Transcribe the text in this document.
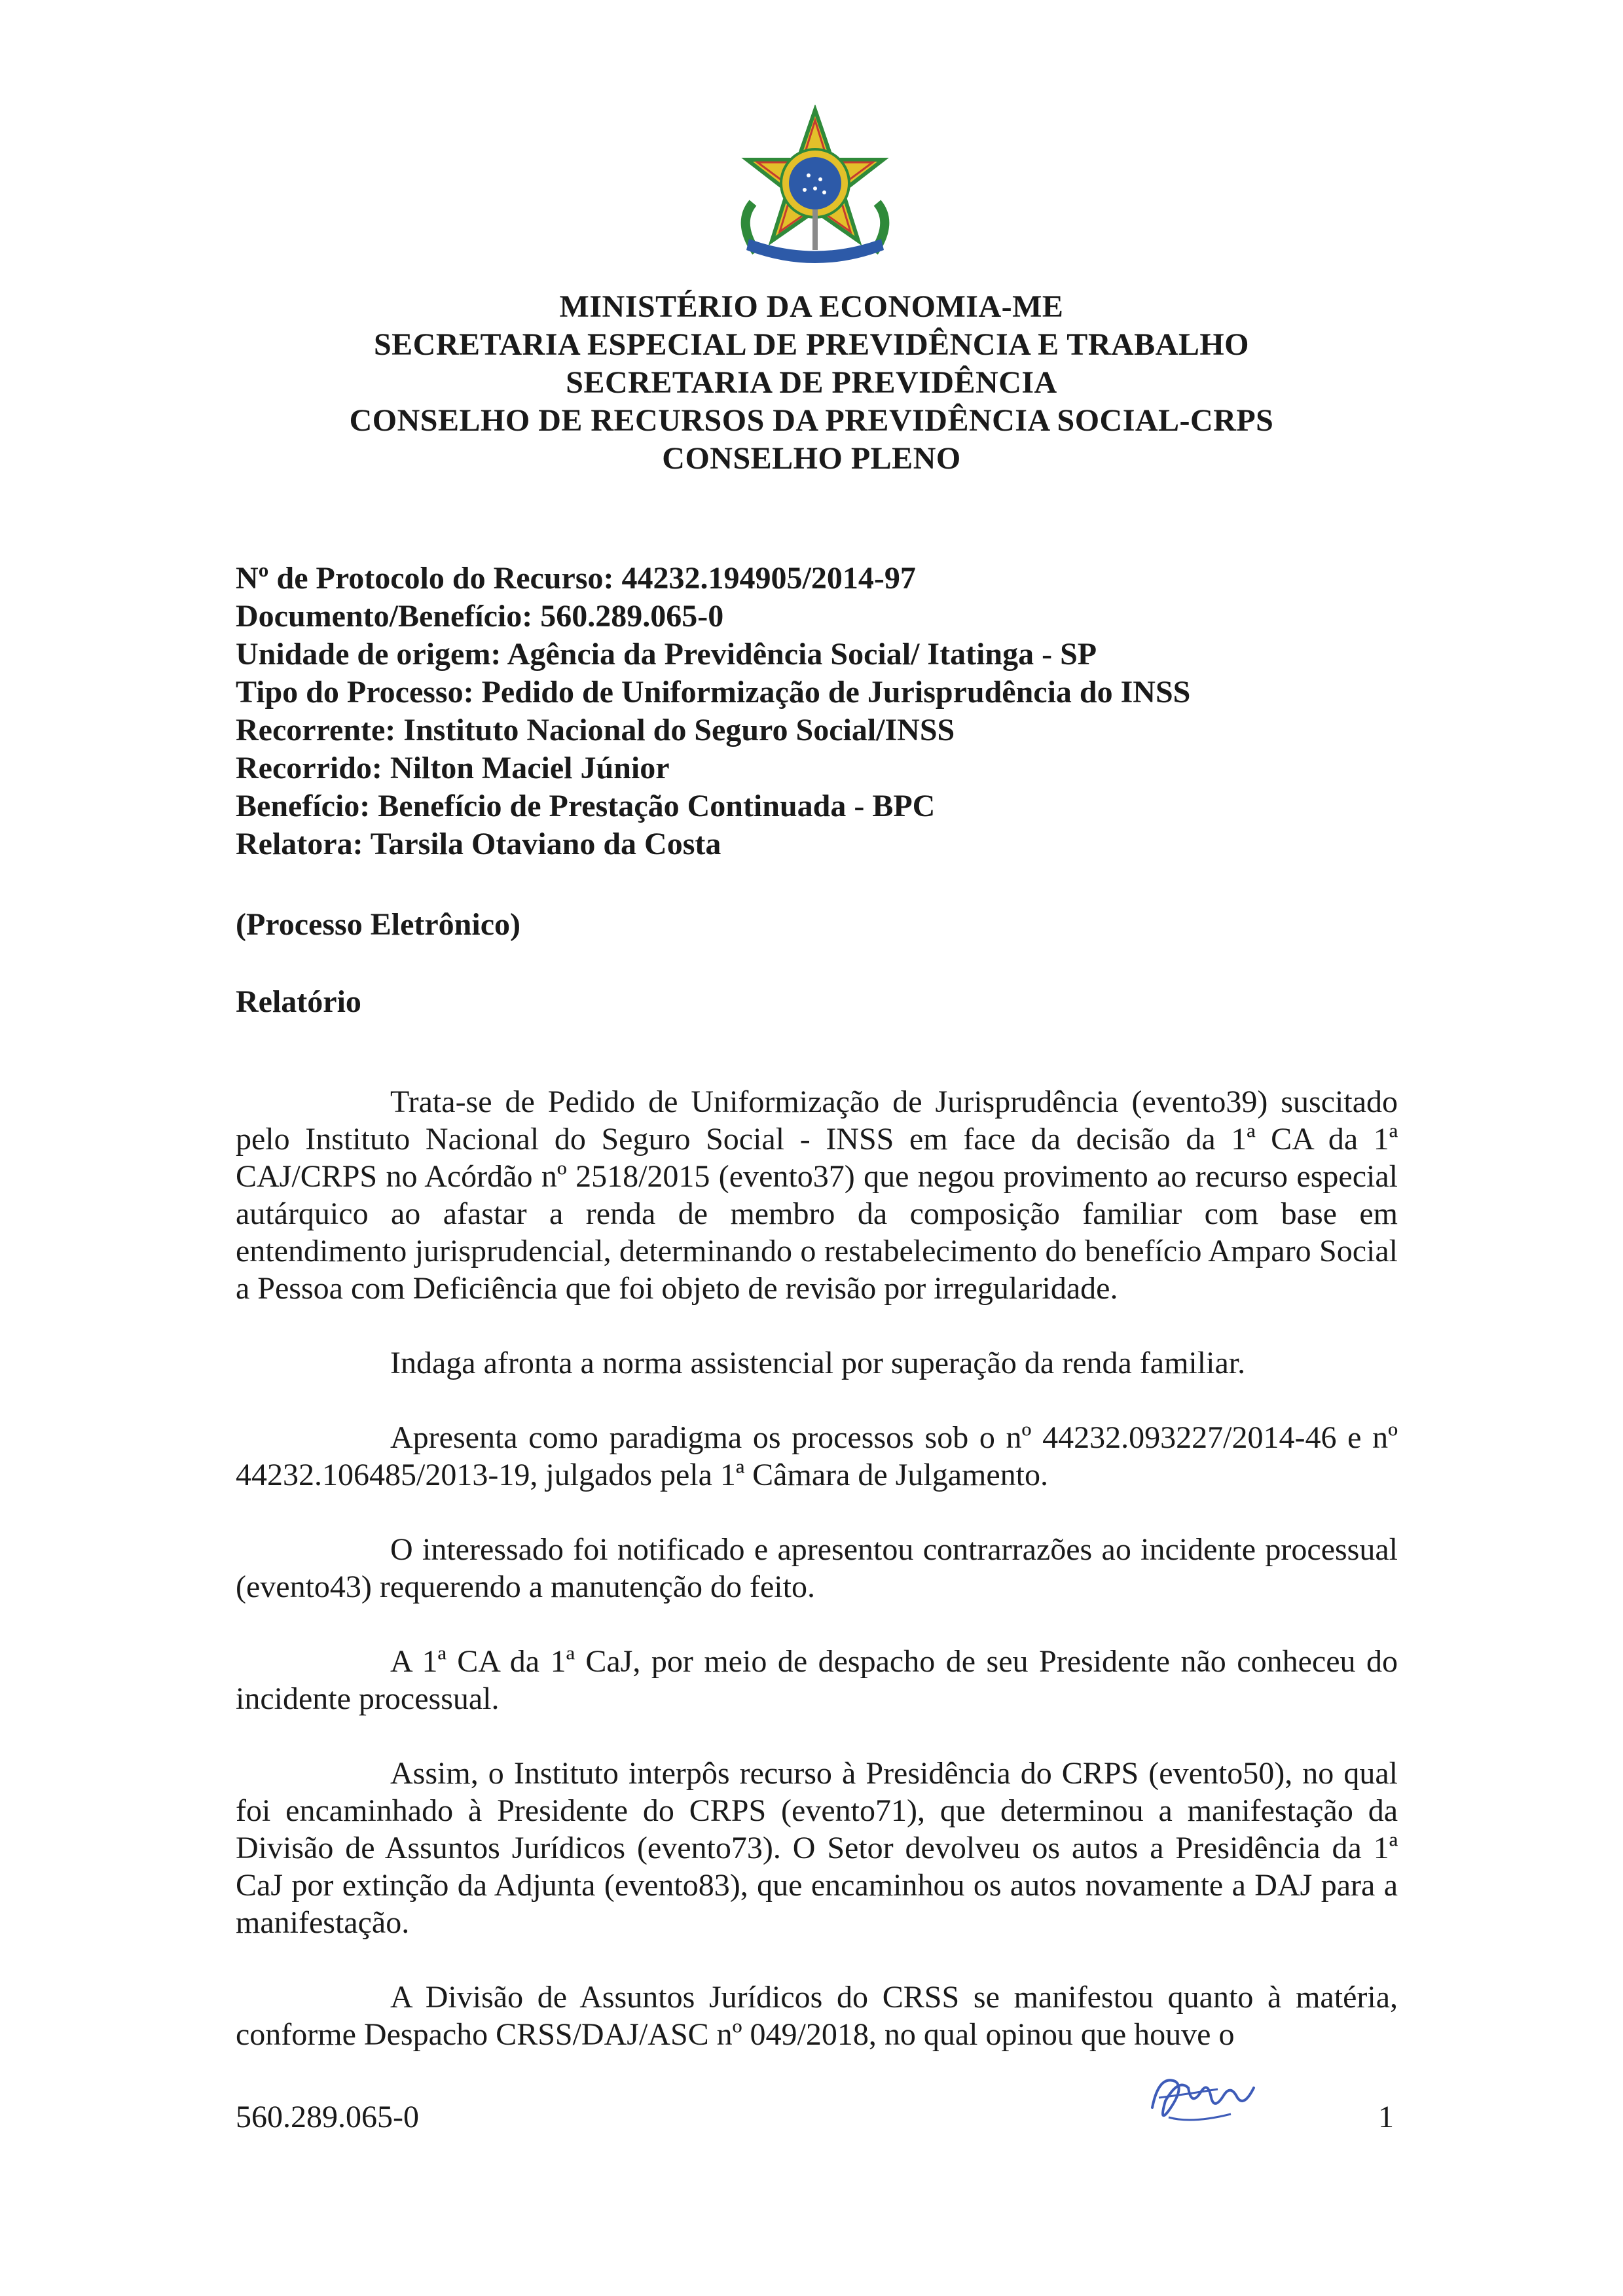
MINISTÉRIO DA ECONOMIA-ME
SECRETARIA ESPECIAL DE PREVIDÊNCIA E TRABALHO
SECRETARIA DE PREVIDÊNCIA
CONSELHO DE RECURSOS DA PREVIDÊNCIA SOCIAL-CRPS
CONSELHO PLENO
Nº de Protocolo do Recurso: 44232.194905/2014-97
Documento/Benefício: 560.289.065-0
Unidade de origem: Agência da Previdência Social/ Itatinga - SP
Tipo do Processo: Pedido de Uniformização de Jurisprudência do INSS
Recorrente: Instituto Nacional do Seguro Social/INSS
Recorrido: Nilton Maciel Júnior
Benefício: Benefício de Prestação Continuada - BPC
Relatora: Tarsila Otaviano da Costa
(Processo Eletrônico)
Relatório

Trata-se de Pedido de Uniformização de Jurisprudência (evento39) suscitado pelo Instituto Nacional do Seguro Social - INSS em face da decisão da 1ª CA da 1ª CAJ/CRPS no Acórdão nº 2518/2015 (evento37) que negou provimento ao recurso especial autárquico ao afastar a renda de membro da composição familiar com base em entendimento jurisprudencial, determinando o restabelecimento do benefício Amparo Social a Pessoa com Deficiência que foi objeto de revisão por irregularidade.

Indaga afronta a norma assistencial por superação da renda familiar.

Apresenta como paradigma os processos sob o nº 44232.093227/2014-46 e nº 44232.106485/2013-19, julgados pela 1ª Câmara de Julgamento.

O interessado foi notificado e apresentou contrarrazões ao incidente processual (evento43) requerendo a manutenção do feito.

A 1ª CA da 1ª CaJ, por meio de despacho de seu Presidente não conheceu do incidente processual.

Assim, o Instituto interpôs recurso à Presidência do CRPS (evento50), no qual foi encaminhado à Presidente do CRPS (evento71), que determinou a manifestação da Divisão de Assuntos Jurídicos (evento73). O Setor devolveu os autos a Presidência da 1ª CaJ por extinção da Adjunta (evento83), que encaminhou os autos novamente a DAJ para a manifestação.

A Divisão de Assuntos Jurídicos do CRSS se manifestou quanto à matéria, conforme Despacho CRSS/DAJ/ASC nº 049/2018, no qual opinou que houve o

560.289.065-0	1
